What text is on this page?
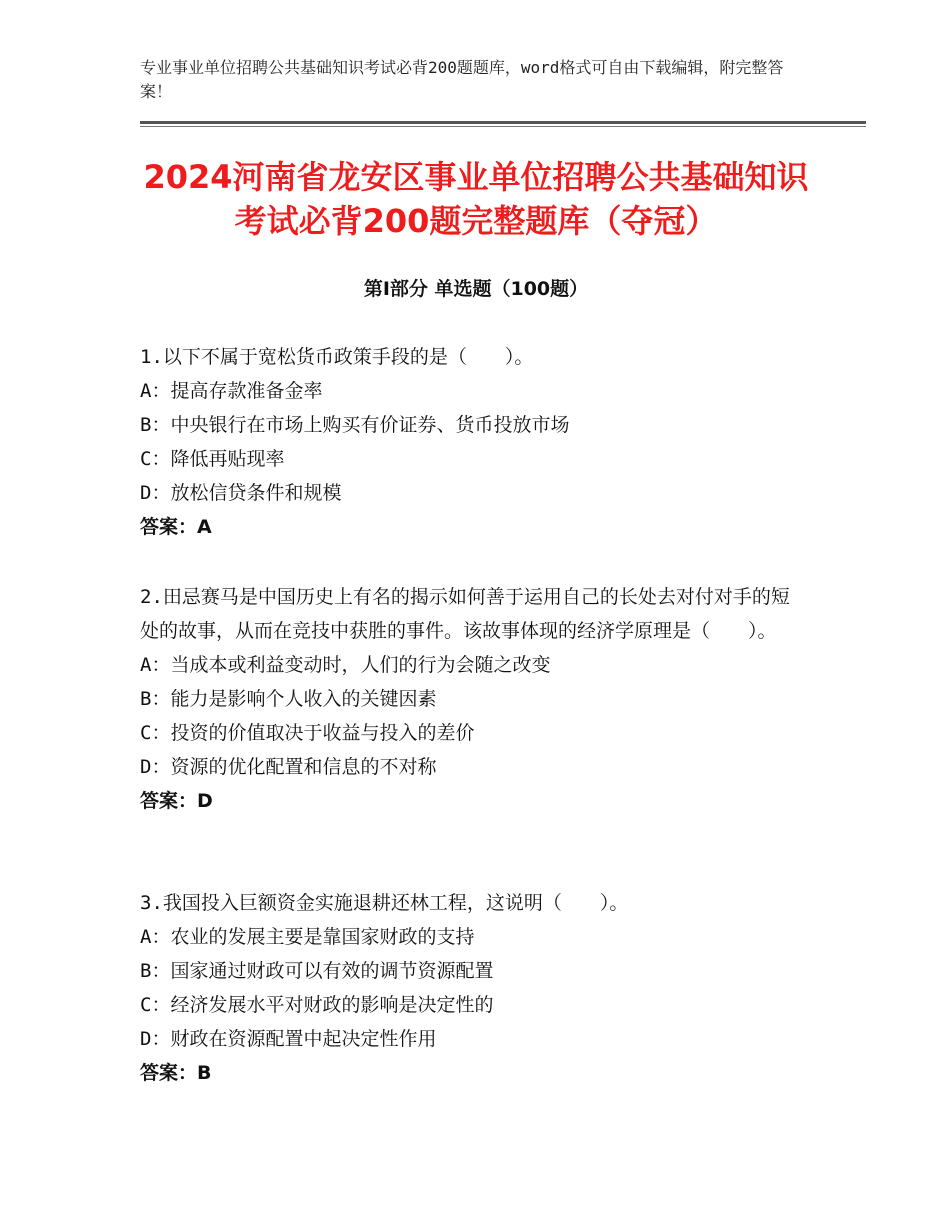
专业事业单位招聘公共基础知识考试必背200题题库，word格式可自由下载编辑，附完整答案！
2024河南省龙安区事业单位招聘公共基础知识考试必背200题完整题库（夺冠）
第Ⅰ部分 单选题（100题）
1.以下不属于宽松货币政策手段的是（　　）。
A：提高存款准备金率
B：中央银行在市场上购买有价证券、货币投放市场
C：降低再贴现率
D：放松信贷条件和规模
答案：A
2.田忌赛马是中国历史上有名的揭示如何善于运用自己的长处去对付对手的短处的故事，从而在竞技中获胜的事件。该故事体现的经济学原理是（　　）。
A：当成本或利益变动时，人们的行为会随之改变
B：能力是影响个人收入的关键因素
C：投资的价值取决于收益与投入的差价
D：资源的优化配置和信息的不对称
答案：D
3.我国投入巨额资金实施退耕还林工程，这说明（　　）。
A：农业的发展主要是靠国家财政的支持
B：国家通过财政可以有效的调节资源配置
C：经济发展水平对财政的影响是决定性的
D：财政在资源配置中起决定性作用
答案：B
